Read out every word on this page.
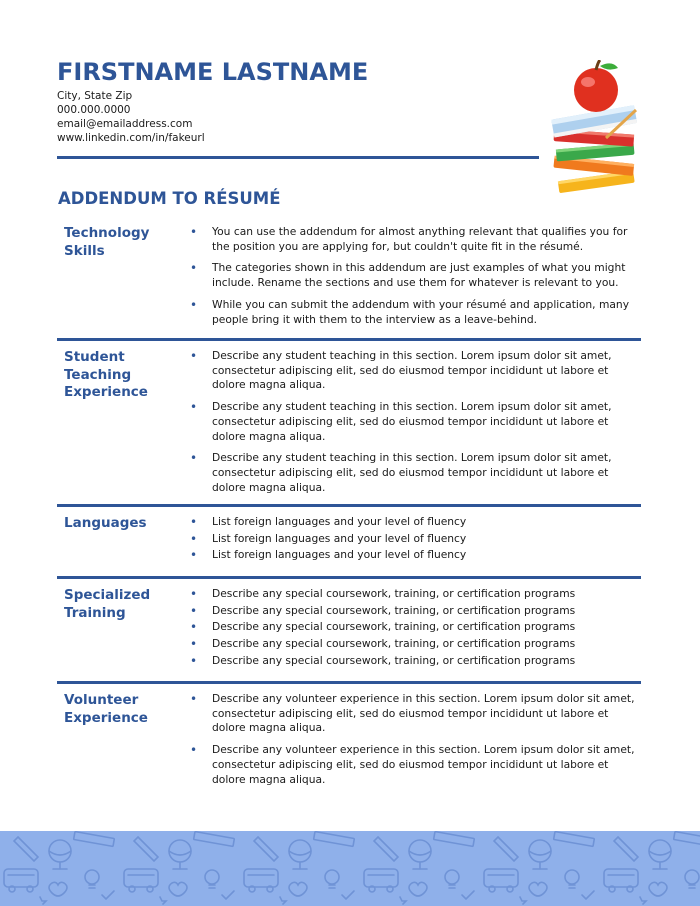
FIRSTNAME LASTNAME
City, State Zip
000.000.0000
email@emailaddress.com
www.linkedin.com/in/fakeurl
ADDENDUM TO RÉSUMÉ
Technology Skills
• You can use the addendum for almost anything relevant that qualifies you for the position you are applying for, but couldn't quite fit in the résumé.
• The categories shown in this addendum are just examples of what you might include. Rename the sections and use them for whatever is relevant to you.
• While you can submit the addendum with your résumé and application, many people bring it with them to the interview as a leave-behind.
Student Teaching Experience
• Describe any student teaching in this section. Lorem ipsum dolor sit amet, consectetur adipiscing elit, sed do eiusmod tempor incididunt ut labore et dolore magna aliqua.
• Describe any student teaching in this section. Lorem ipsum dolor sit amet, consectetur adipiscing elit, sed do eiusmod tempor incididunt ut labore et dolore magna aliqua.
• Describe any student teaching in this section. Lorem ipsum dolor sit amet, consectetur adipiscing elit, sed do eiusmod tempor incididunt ut labore et dolore magna aliqua.
Languages
•	List foreign languages and your level of fluency
• List foreign languages and your level of fluency
• List foreign languages and your level of fluency
Specialized Training
• Describe any special coursework, training, or certification programs
• Describe any special coursework, training, or certification programs
• Describe any special coursework, training, or certification programs
• Describe any special coursework, training, or certification programs
• Describe any special coursework, training, or certification programs
Volunteer Experience
• Describe any volunteer experience in this section. Lorem ipsum dolor sit amet, consectetur adipiscing elit, sed do eiusmod tempor incididunt ut labore et dolore magna aliqua.
• Describe any volunteer experience in this section. Lorem ipsum dolor sit amet, consectetur adipiscing elit, sed do eiusmod tempor incididunt ut labore et dolore magna aliqua.
